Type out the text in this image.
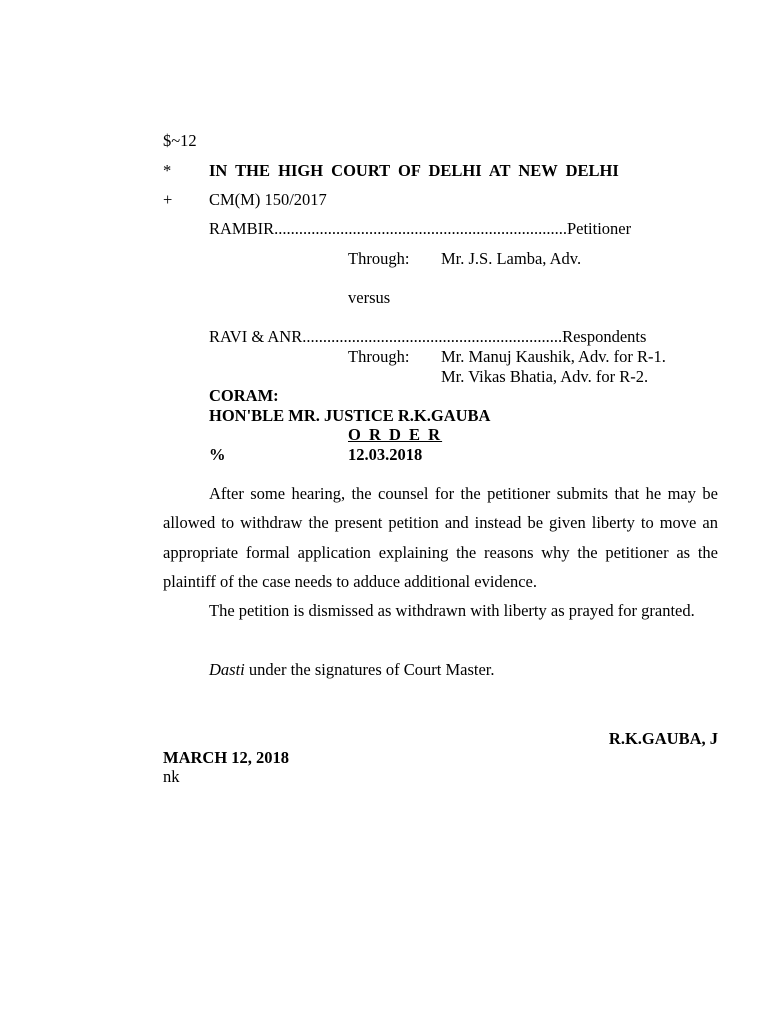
$~12
* IN THE HIGH COURT OF DELHI AT NEW DELHI
+ CM(M) 150/2017
RAMBIR.......................................................................Petitioner
Through: Mr. J.S. Lamba, Adv.
versus
RAVI & ANR...............................................................Respondents
Through: Mr. Manuj Kaushik, Adv. for R-1.
Mr. Vikas Bhatia, Adv. for R-2.
CORAM:
HON'BLE MR. JUSTICE R.K.GAUBA
O R D E R
%	12.03.2018

After some hearing, the counsel for the petitioner submits that he may be allowed to withdraw the present petition and instead be given liberty to move an appropriate formal application explaining the reasons why the petitioner as the plaintiff of the case needs to adduce additional evidence.

The petition is dismissed as withdrawn with liberty as prayed for granted.

Dasti under the signatures of Court Master.

R.K.GAUBA, J
MARCH 12, 2018
nk
